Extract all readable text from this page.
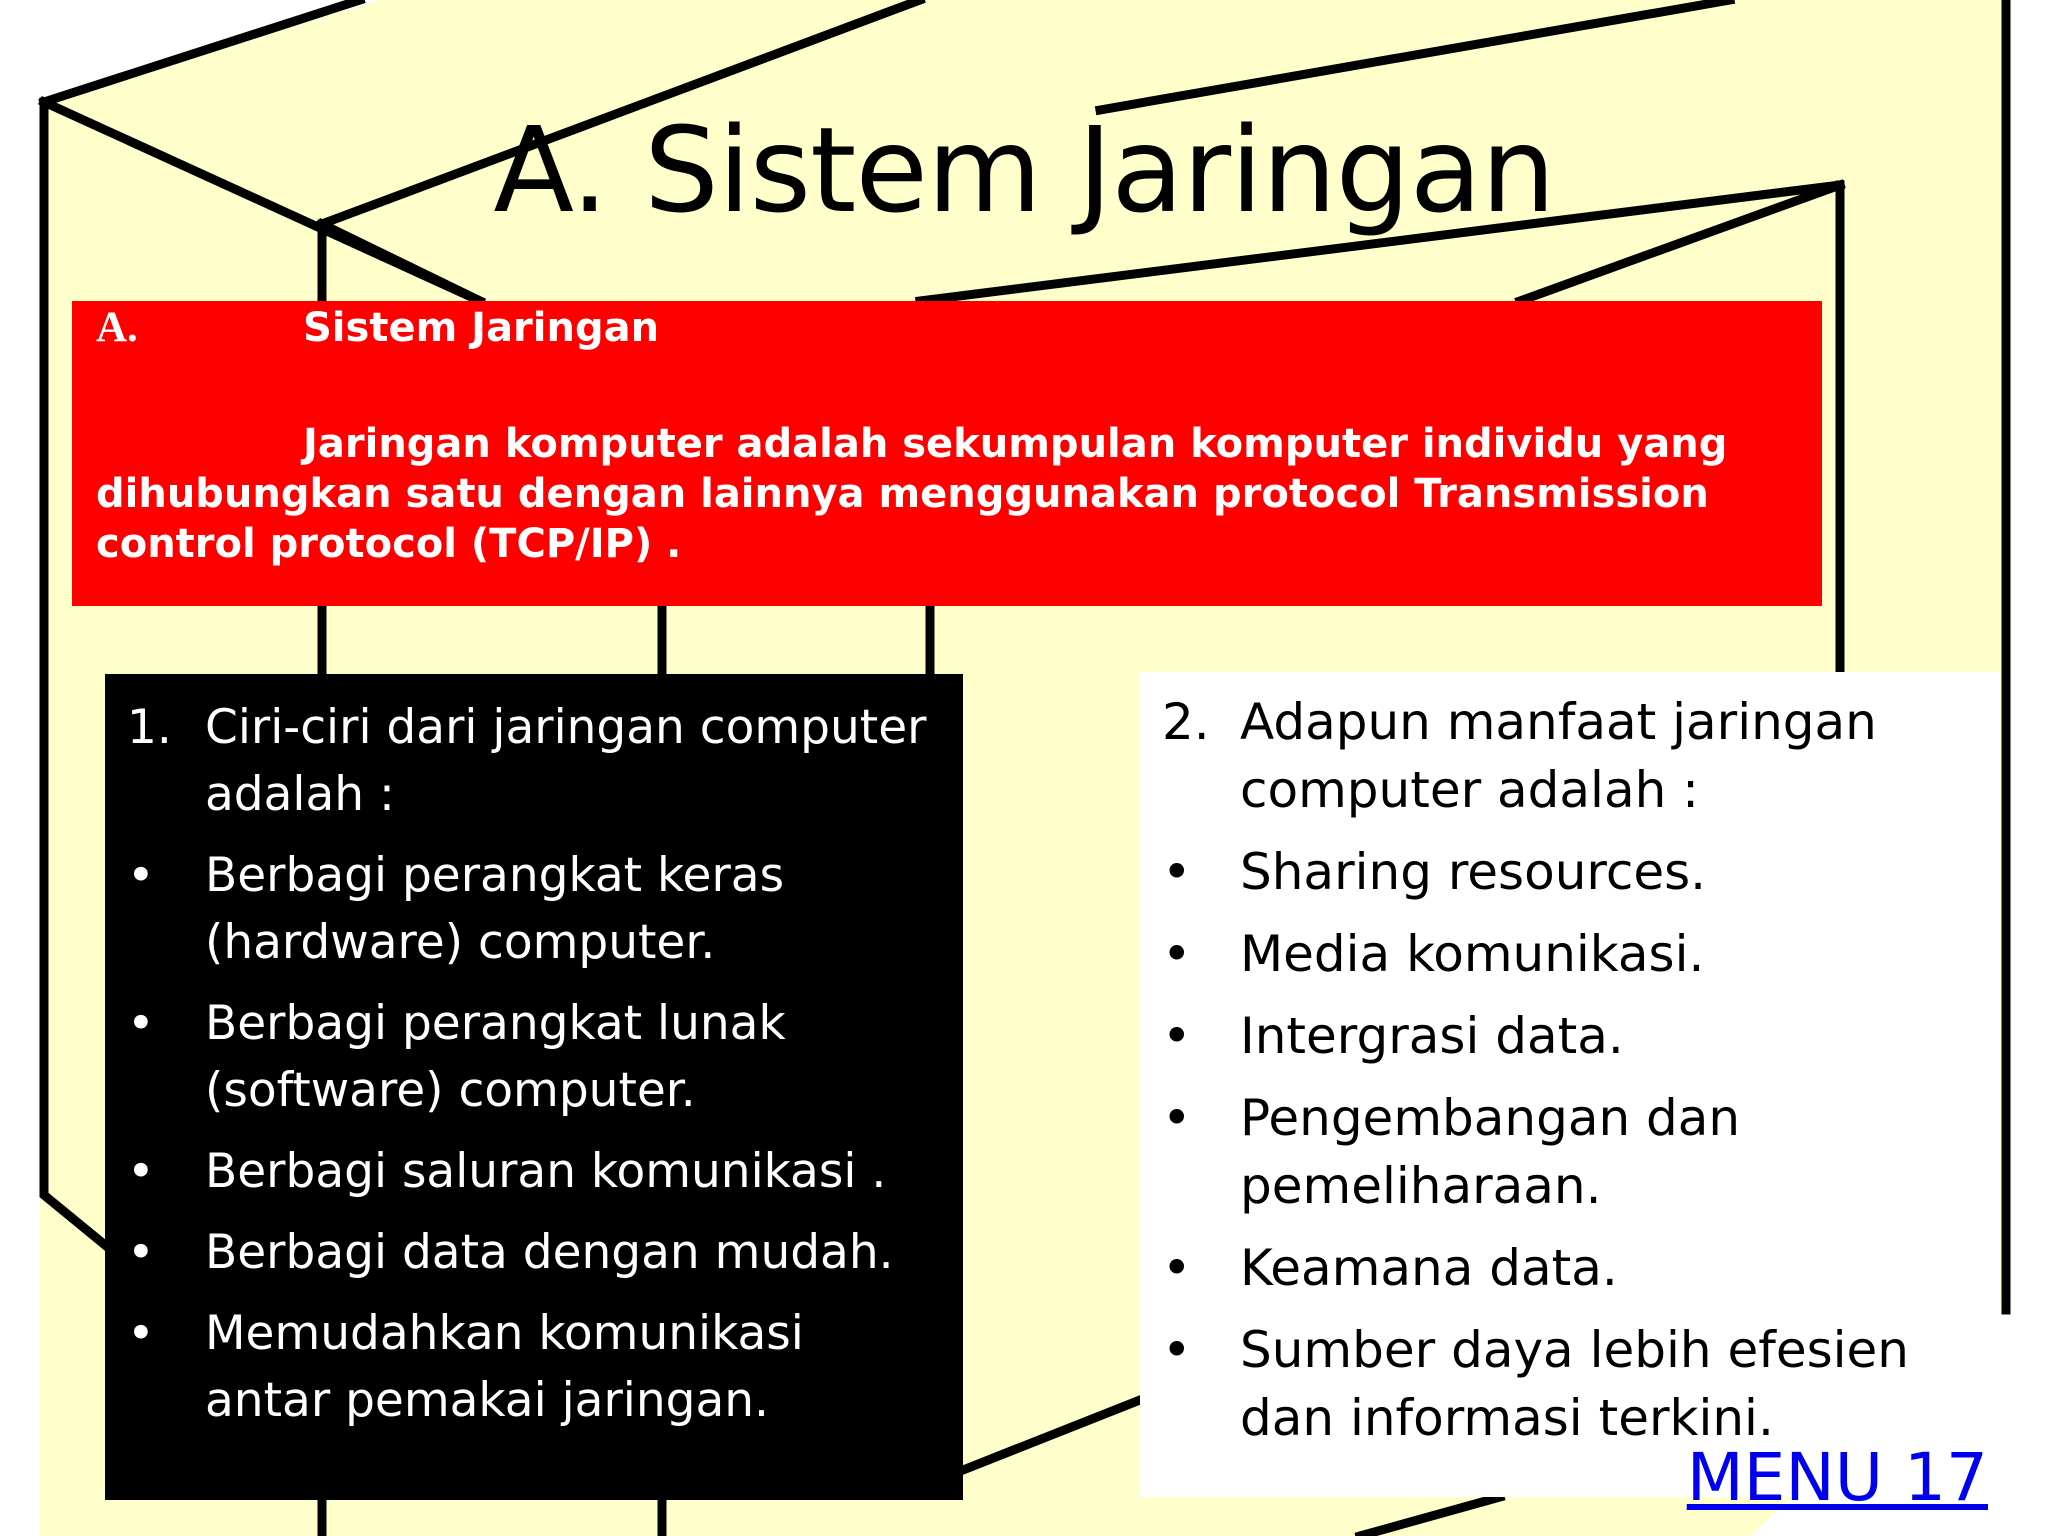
A. Sistem Jaringan
A.	Sistem Jaringan

Jaringan komputer adalah sekumpulan komputer individu yang dihubungkan satu dengan lainnya menggunakan protocol Transmission control protocol (TCP/IP) .

1. Ciri-ciri dari jaringan computer adalah :
•	Berbagi perangkat keras (hardware) computer.
•	Berbagi perangkat lunak (software) computer.
•	Berbagi saluran komunikasi .
•	Berbagi data dengan mudah.
•	Memudahkan komunikasi antar pemakai jaringan.
2. Adapun manfaat jaringan computer adalah :
• Sharing resources.
• Media komunikasi.
• Intergrasi data.
• Pengembangan dan pemeliharaan.
• Keamana data.
• Sumber daya lebih efesien dan informasi terkini.
MENU 17
